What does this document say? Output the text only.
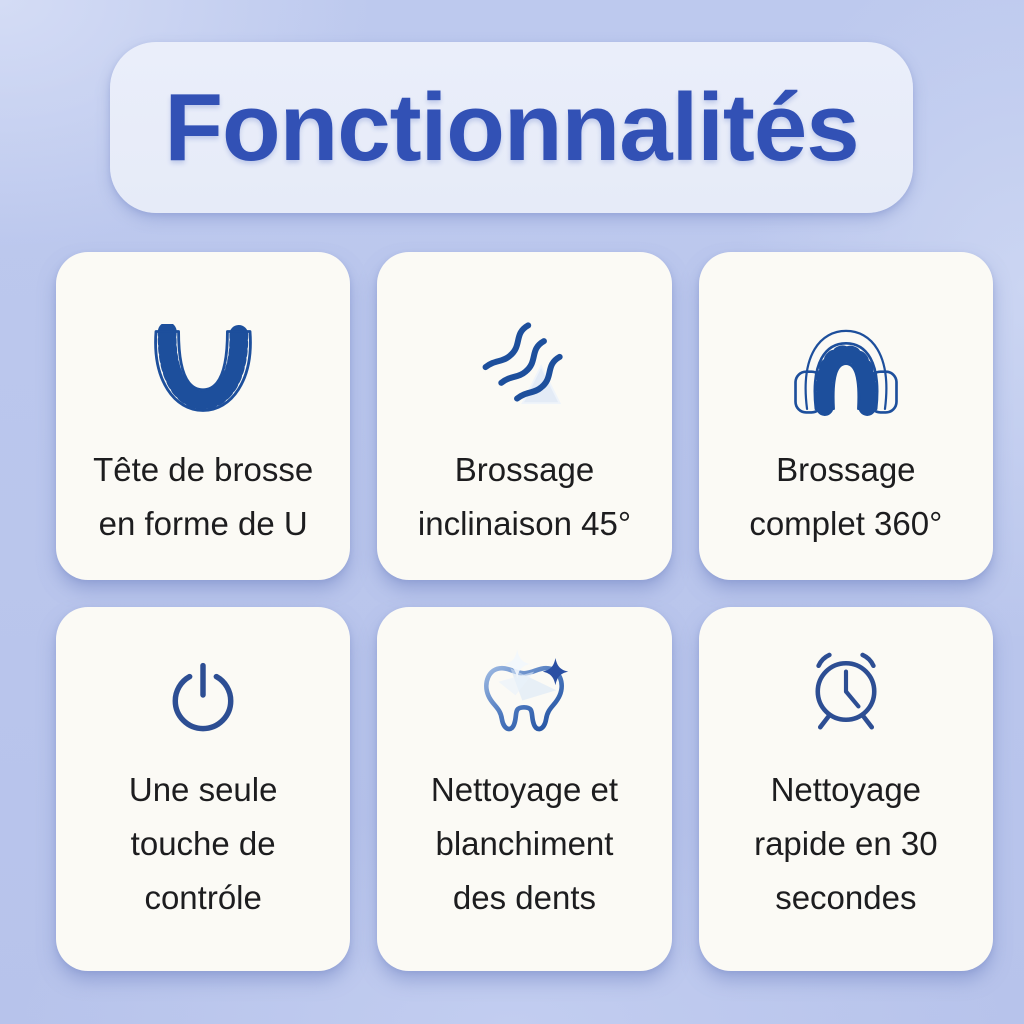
Fonctionnalités
Tête de brosse
en forme de U
Brossage
inclinaison 45°
Brossage
complet 360°
Une seule
touche de
contróle
Nettoyage et
blanchiment
des dents
Nettoyage
rapide en 30
secondes
